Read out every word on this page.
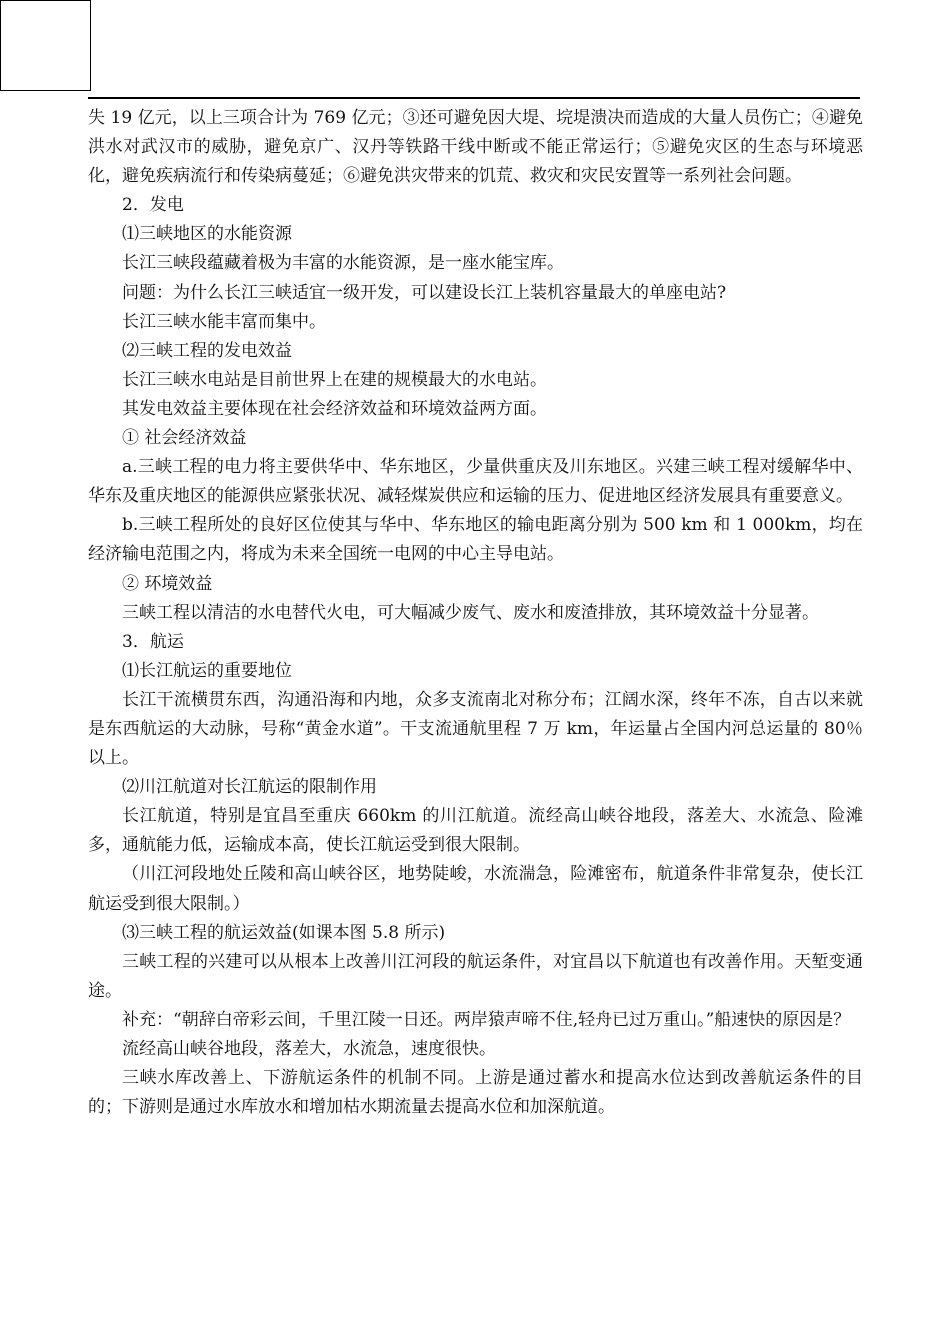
失 19 亿元，以上三项合计为 769 亿元；③还可避免因大堤、垸堤溃决而造成的大量人员伤亡；④避免洪水对武汉市的威胁，避免京广、汉丹等铁路干线中断或不能正常运行；⑤避免灾区的生态与环境恶化，避免疾病流行和传染病蔓延；⑥避免洪灾带来的饥荒、救灾和灾民安置等一系列社会问题。

2．发电

⑴三峡地区的水能资源

长江三峡段蕴藏着极为丰富的水能资源，是一座水能宝库。

问题：为什么长江三峡适宜一级开发，可以建设长江上装机容量最大的单座电站?

长江三峡水能丰富而集中。

⑵三峡工程的发电效益

长江三峡水电站是目前世界上在建的规模最大的水电站。

其发电效益主要体现在社会经济效益和环境效益两方面。

① 社会经济效益

a.三峡工程的电力将主要供华中、华东地区，少量供重庆及川东地区。兴建三峡工程对缓解华中、华东及重庆地区的能源供应紧张状况、减轻煤炭供应和运输的压力、促进地区经济发展具有重要意义。

b.三峡工程所处的良好区位使其与华中、华东地区的输电距离分别为 500 km 和 1 000km，均在经济输电范围之内，将成为未来全国统一电网的中心主导电站。

② 环境效益

三峡工程以清洁的水电替代火电，可大幅减少废气、废水和废渣排放，其环境效益十分显著。

3．航运

⑴长江航运的重要地位

长江干流横贯东西，沟通沿海和内地，众多支流南北对称分布；江阔水深，终年不冻，自古以来就是东西航运的大动脉，号称“黄金水道”。干支流通航里程 7 万 km，年运量占全国内河总运量的 80％以上。

⑵川江航道对长江航运的限制作用

长江航道，特别是宜昌至重庆 660km 的川江航道。流经高山峡谷地段，落差大、水流急、险滩多，通航能力低，运输成本高，使长江航运受到很大限制。

（川江河段地处丘陵和高山峡谷区，地势陡峻，水流湍急，险滩密布，航道条件非常复杂，使长江航运受到很大限制。）

⑶三峡工程的航运效益(如课本图 5.8 所示)

三峡工程的兴建可以从根本上改善川江河段的航运条件，对宜昌以下航道也有改善作用。天堑变通途。

补充：“朝辞白帝彩云间，千里江陵一日还。两岸猿声啼不住,轻舟已过万重山。”船速快的原因是？

流经高山峡谷地段，落差大，水流急，速度很快。

三峡水库改善上、下游航运条件的机制不同。上游是通过蓄水和提高水位达到改善航运条件的目的；下游则是通过水库放水和增加枯水期流量去提高水位和加深航道。
